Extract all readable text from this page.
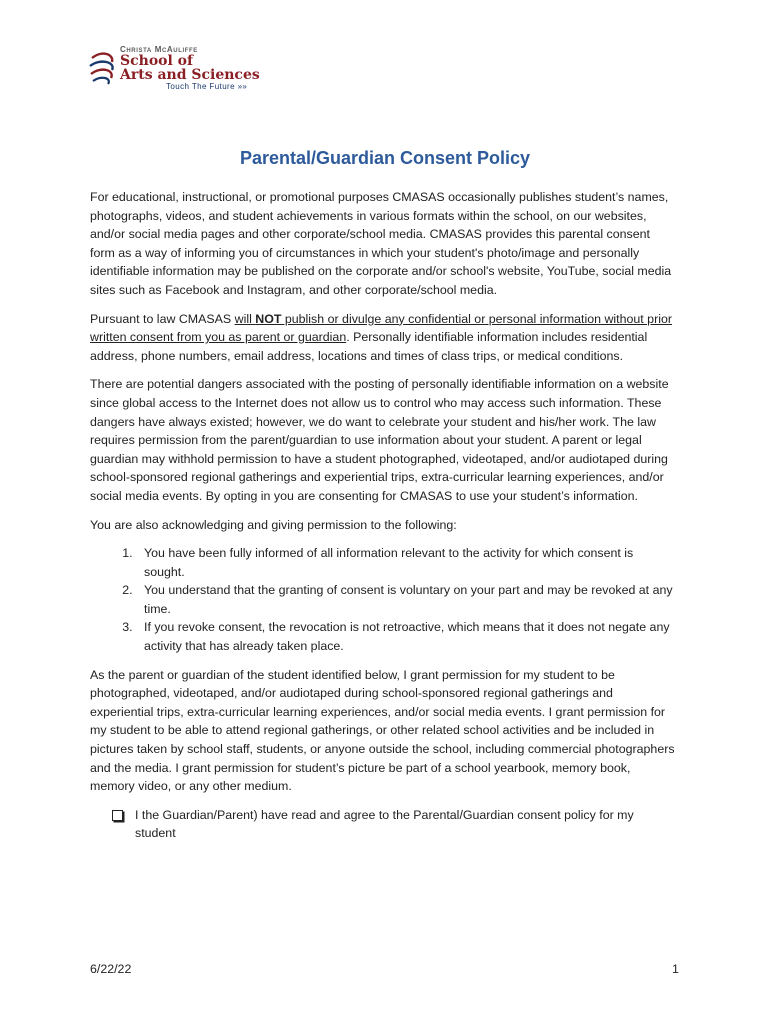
Christa McAuliffe
School of
Arts and Sciences
Touch The Future »»
Parental/Guardian Consent Policy

For educational, instructional, or promotional purposes CMASAS occasionally publishes student’s names, photographs, videos, and student achievements in various formats within the school, on our websites, and/or social media pages and other corporate/school media. CMASAS provides this parental consent form as a way of informing you of circumstances in which your student's photo/image and personally identifiable information may be published on the corporate and/or school's website, YouTube, social media sites such as Facebook and Instagram, and other corporate/school media.

Pursuant to law CMASAS will NOT publish or divulge any confidential or personal information without prior written consent from you as parent or guardian. Personally identifiable information includes residential address, phone numbers, email address, locations and times of class trips, or medical conditions.

There are potential dangers associated with the posting of personally identifiable information on a website since global access to the Internet does not allow us to control who may access such information. These dangers have always existed; however, we do want to celebrate your student and his/her work. The law requires permission from the parent/guardian to use information about your student. A parent or legal guardian may withhold permission to have a student photographed, videotaped, and/or audiotaped during school-sponsored regional gatherings and experiential trips, extra-curricular learning experiences, and/or social media events. By opting in you are consenting for CMASAS to use your student’s information.

You are also acknowledging and giving permission to the following:

1. You have been fully informed of all information relevant to the activity for which consent is sought.
2. You understand that the granting of consent is voluntary on your part and may be revoked at any time.
3. If you revoke consent, the revocation is not retroactive, which means that it does not negate any activity that has already taken place.

As the parent or guardian of the student identified below, I grant permission for my student to be photographed, videotaped, and/or audiotaped during school-sponsored regional gatherings and experiential trips, extra-curricular learning experiences, and/or social media events. I grant permission for my student to be able to attend regional gatherings, or other related school activities and be included in pictures taken by school staff, students, or anyone outside the school, including commercial photographers and the media. I grant permission for student’s picture be part of a school yearbook, memory book, memory video, or any other medium.

I the Guardian/Parent) have read and agree to the Parental/Guardian consent policy for my student
6/22/22	1
